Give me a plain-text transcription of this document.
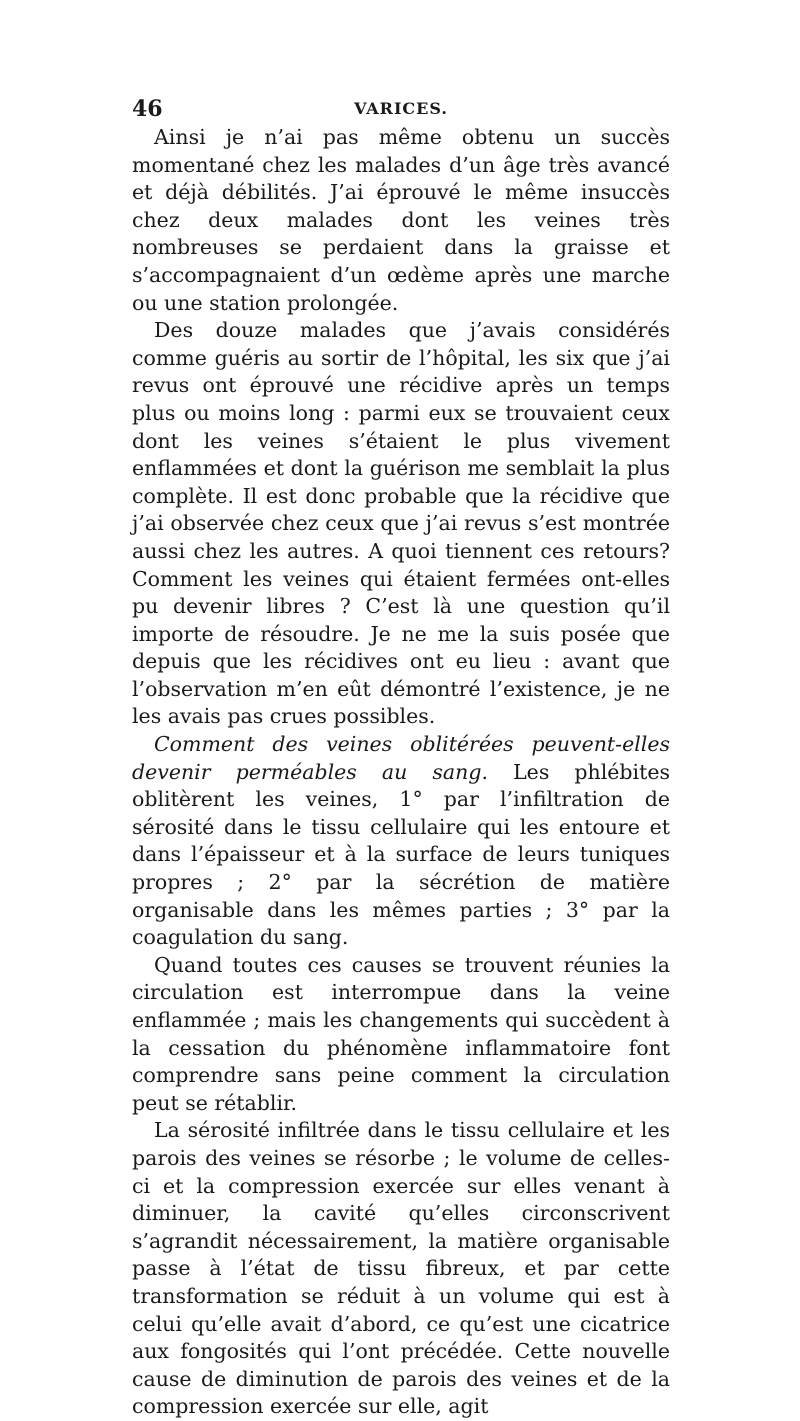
46	VARICES.

Ainsi je n’ai pas même obtenu un succès momentané chez les malades d’un âge très avancé et déjà débilités. J’ai éprouvé le même insuccès chez deux malades dont les veines très nombreuses se perdaient dans la graisse et s’accompagnaient d’un œdème après une marche ou une station prolongée.

Des douze malades que j’avais considérés comme guéris au sortir de l’hôpital, les six que j’ai revus ont éprouvé une récidive après un temps plus ou moins long : parmi eux se trouvaient ceux dont les veines s’étaient le plus vivement enflammées et dont la guérison me semblait la plus complète. Il est donc probable que la récidive que j’ai observée chez ceux que j’ai revus s’est montrée aussi chez les autres. A quoi tiennent ces retours? Comment les veines qui étaient fermées ont-elles pu devenir libres ? C’est là une question qu’il importe de résoudre. Je ne me la suis posée que depuis que les récidives ont eu lieu : avant que l’observation m’en eût démontré l’existence, je ne les avais pas crues possibles.

Comment des veines oblitérées peuvent-elles devenir perméables au sang. Les phlébites oblitèrent les veines, 1° par l’infiltration de sérosité dans le tissu cellulaire qui les entoure et dans l’épaisseur et à la surface de leurs tuniques propres ; 2° par la sécrétion de matière organisable dans les mêmes parties ; 3° par la coagulation du sang.

Quand toutes ces causes se trouvent réunies la circulation est interrompue dans la veine enflammée ; mais les changements qui succèdent à la cessation du phénomène inflammatoire font comprendre sans peine comment la circulation peut se rétablir.

La sérosité infiltrée dans le tissu cellulaire et les parois des veines se résorbe ; le volume de celles-ci et la compression exercée sur elles venant à diminuer, la cavité qu’elles circonscrivent s’agrandit nécessairement, la matière organisable passe à l’état de tissu fibreux, et par cette transformation se réduit à un volume qui est à celui qu’elle avait d’abord, ce qu’est une cicatrice aux fongosités qui l’ont précédée. Cette nouvelle cause de diminution de parois des veines et de la compression exercée sur elle, agit
